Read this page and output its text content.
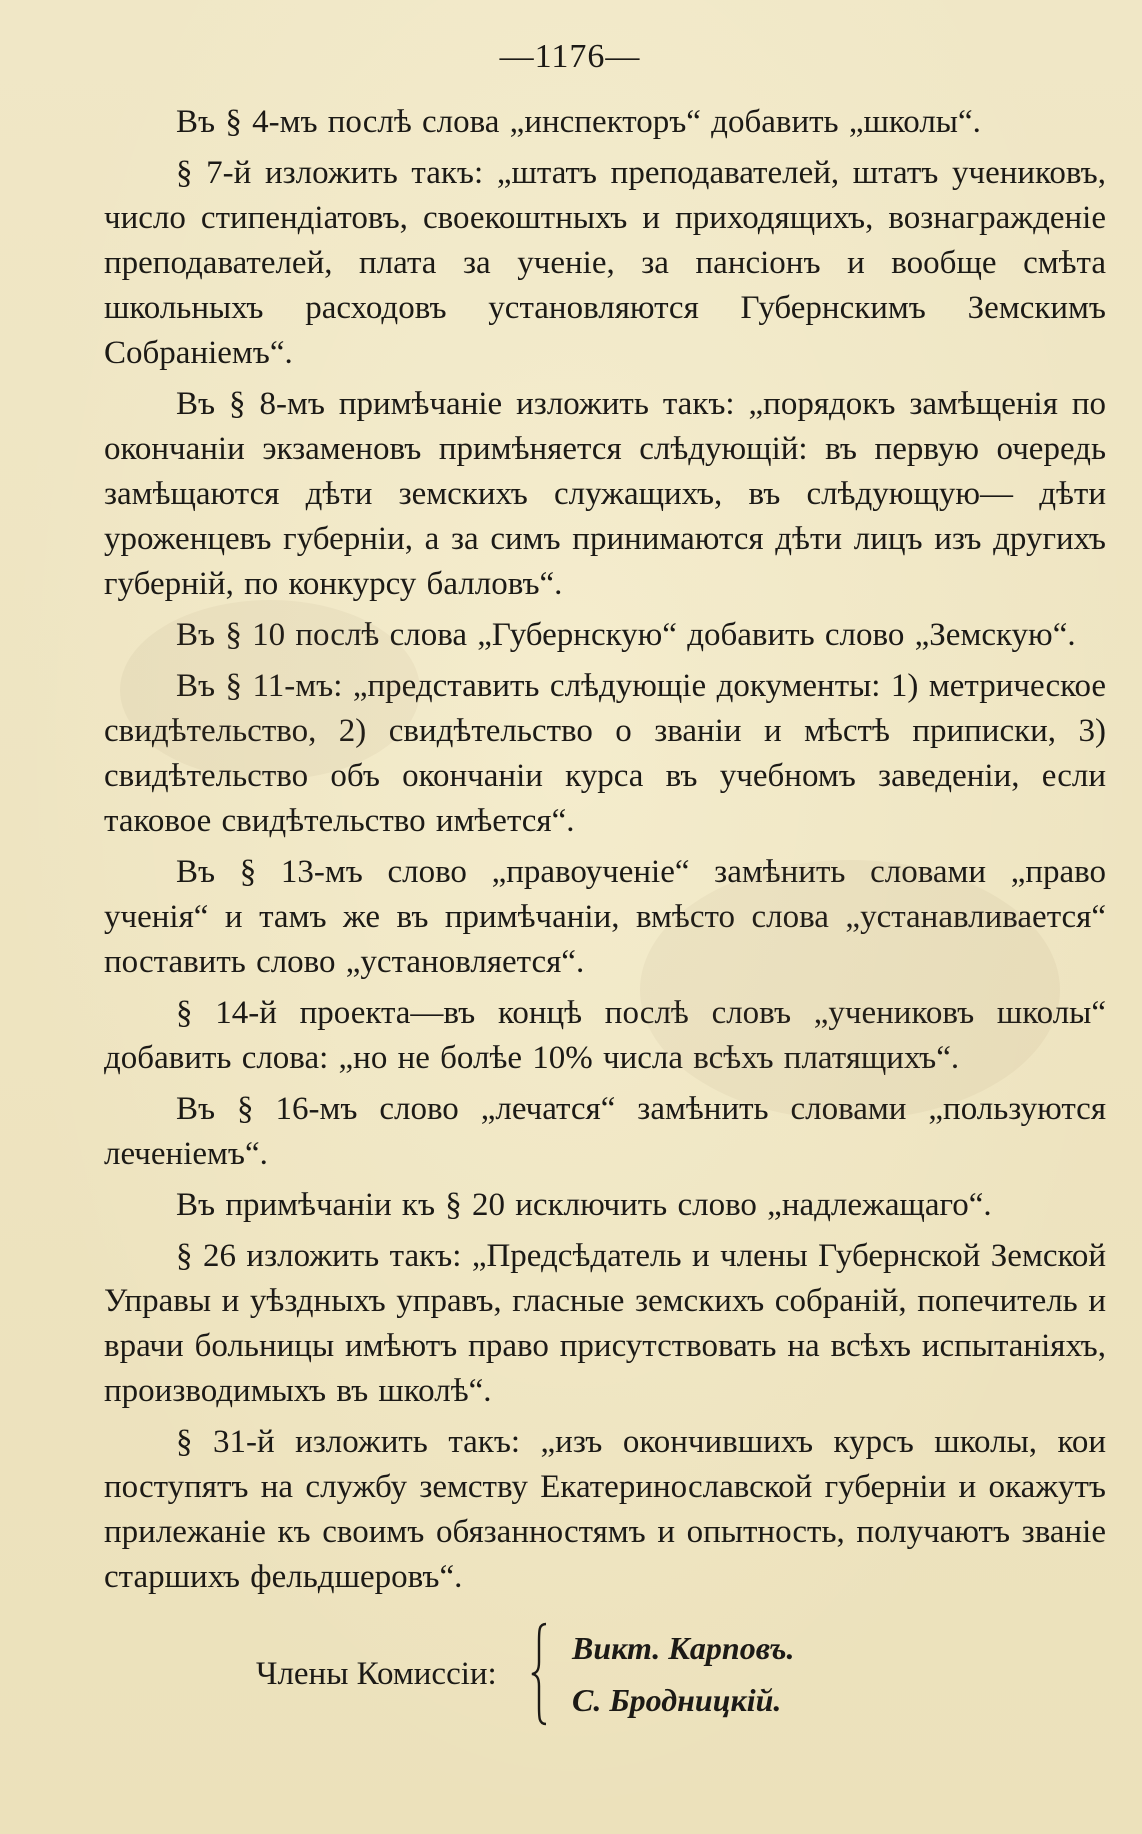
—1176—

Въ § 4-мъ послѣ слова „инспекторъ“ добавить „школы“.

§ 7-й изложить такъ: „штатъ преподавателей, штатъ учениковъ, число стипендіатовъ, своекоштныхъ и приходящихъ, вознагражденіе преподавателей, плата за ученіе, за пансіонъ и вообще смѣта школьныхъ расходовъ установляются Губернскимъ Земскимъ Собраніемъ“.

Въ § 8-мъ примѣчаніе изложить такъ: „порядокъ замѣщенія по окончаніи экзаменовъ примѣняется слѣдующій: въ первую очередь замѣщаются дѣти земскихъ служащихъ, въ слѣдующую— дѣти уроженцевъ губерніи, а за симъ принимаются дѣти лицъ изъ другихъ губерній, по конкурсу балловъ“.

Въ § 10 послѣ слова „Губернскую“ добавить слово „Земскую“.

Въ § 11-мъ: „представить слѣдующіе документы: 1) метрическое свидѣтельство, 2) свидѣтельство о званіи и мѣстѣ приписки, 3) свидѣтельство объ окончаніи курса въ учебномъ заведеніи, если таковое свидѣтельство имѣется“.

Въ § 13-мъ слово „правоученіе“ замѣнить словами „право ученія“ и тамъ же въ примѣчаніи, вмѣсто слова „устанавливается“ поставить слово „установляется“.

§ 14-й проекта—въ концѣ послѣ словъ „учениковъ школы“ добавить слова: „но не болѣе 10% числа всѣхъ платящихъ“.

Въ § 16-мъ слово „лечатся“ замѣнить словами „пользуются леченіемъ“.

Въ примѣчаніи къ § 20 исключить слово „надлежащаго“.

§ 26 изложить такъ: „Предсѣдатель и члены Губернской Земской Управы и уѣздныхъ управъ, гласные земскихъ собраній, попечитель и врачи больницы имѣютъ право присутствовать на всѣхъ испытаніяхъ, производимыхъ въ школѣ“.

§ 31-й изложить такъ: „изъ окончившихъ курсъ школы, кои поступятъ на службу земству Екатеринославской губерніи и окажутъ прилежаніе къ своимъ обязанностямъ и опытность, получаютъ званіе старшихъ фельдшеровъ“.

Члены Комиссіи:
Викт. Карповъ.
С. Бродницкій.
